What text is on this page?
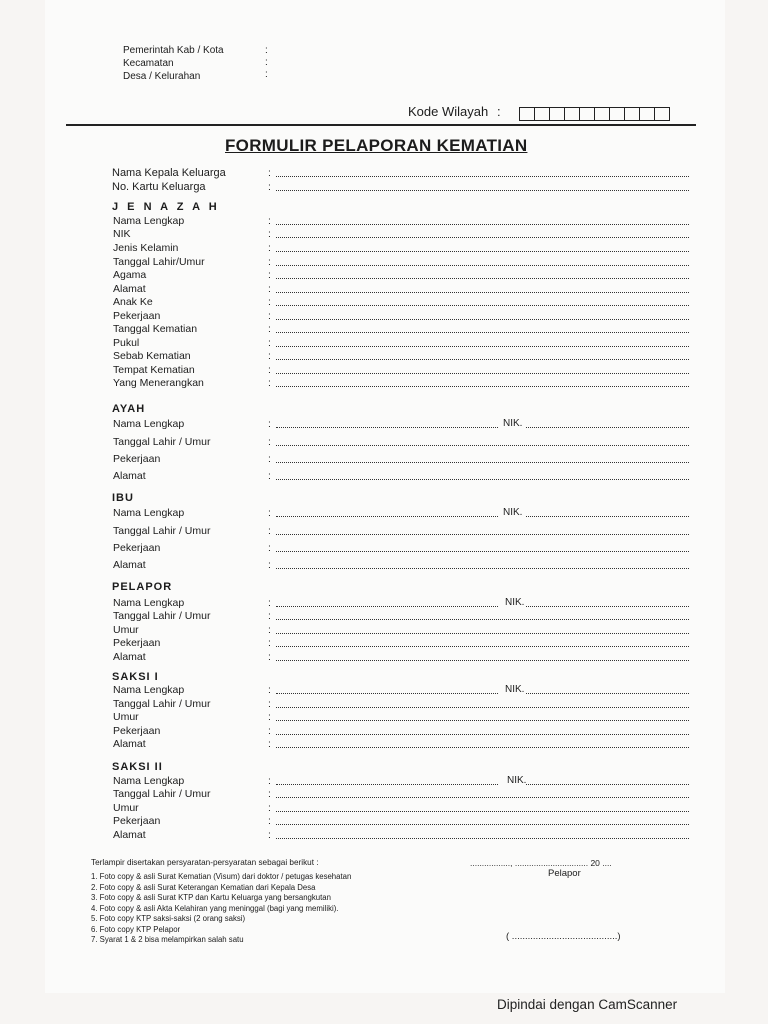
Pemerintah Kab / Kota	:
Kecamatan	:
Desa / Kelurahan	:
Kode Wilayah :
FORMULIR PELAPORAN KEMATIAN
Nama Kepala Keluarga	:
No. Kartu Keluarga	:
J E N A Z A H
Nama Lengkap	:
NIK	:
Jenis Kelamin	:
Tanggal Lahir/Umur	:
Agama	:
Alamat	:
Anak Ke	:
Pekerjaan	:
Tanggal Kematian	:
Pukul	:
Sebab Kematian	:
Tempat Kematian	:
Yang Menerangkan	:
AYAH
Nama Lengkap	:	NIK.
Tanggal Lahir / Umur	:
Pekerjaan	:
Alamat	:
IBU
Nama Lengkap	:	NIK.
Tanggal Lahir / Umur	:
Pekerjaan	:
Alamat	:
PELAPOR
Nama Lengkap	:	NIK.
Tanggal Lahir / Umur	:
Umur	:
Pekerjaan	:
Alamat	:
SAKSI I
Nama Lengkap	:	NIK.
Tanggal Lahir / Umur	:
Umur	:
Pekerjaan	:
Alamat	:
SAKSI II
Nama Lengkap	:	NIK.
Tanggal Lahir / Umur	:
Umur	:
Pekerjaan	:
Alamat	:
Terlampir disertakan persyaratan-persyaratan sebagai berikut :	................., ............................... 20 ....
Pelapor
1. Foto copy & asli Surat Kematian (Visum) dari doktor / petugas kesehatan
2. Foto copy & asli Surat Keterangan Kematian dari Kepala Desa
3. Foto copy & asli Surat KTP dan Kartu Keluarga yang bersangkutan
4. Foto copy & asli Akta Kelahiran yang meninggal (bagi yang memiliki).
5. Foto copy KTP saksi-saksi (2 orang saksi)
6. Foto copy KTP Pelapor
7. Syarat 1 & 2 bisa melampirkan salah satu	( ........................................)
Dipindai dengan CamScanner
